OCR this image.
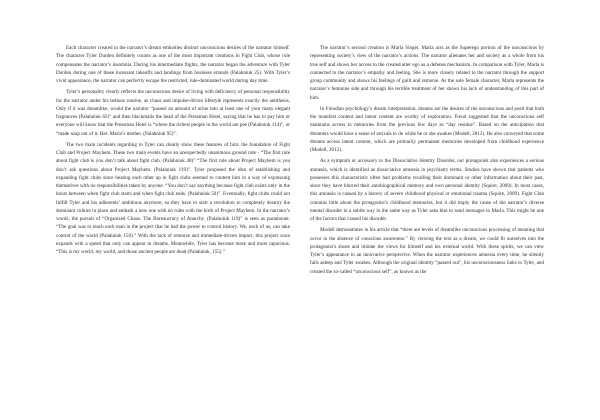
Each character created in the narrator’s dream embodies distinct unconscious desires of the narrator himself. The character Tyler Durden definitely counts as one of the most important creations in Fight Club, whose role compensates the narrator’s insomnia. During his intermediate flights, the narrator began the adventure with Tyler Durden during one of these incessant takeoffs and landings from business errands (Palahniuk 25). With Tyler’s vivid appearance, the narrator can perfectly escape the restricted, rule-dominated world during day time.

Tyler’s personality clearly reflects the unconscious desire of living with deficiency of personal responsibility for the narrator under his tedious routine, as chaos and impulse-driven lifestyle represents exactly the antithesis. Only if it was dreamlike, would the narrator “passed an amount of urine into at least one of your many elegant fragrances (Palahniuk 82)” and then blackmails the head of the Pressman Hotel, saying that he has to pay him or everyone will know that the Pressman Hotel is “where the richest people in the world are pee (Palahniuk 114)”, or “made soap out of it. Her. Marla’s mother. (Palahniuk 95)”.

The two main incidents regarding to Tyler can clearly show these features of him: the foundation of Fight Club and Project Mayhem. These two main events have an unexpectedly unanimous ground rule - “The first rule about fight club is you don’t talk about fight club. (Palahniuk 48)” “The first rule about Project Mayhem is you don’t ask questions about Project Mayhem. (Palahniuk 119)”. Tyler proposed the idea of establishing and expanding fight clubs since beating each other up in fight clubs seemed to content him in a way of expressing themselves with no responsibilities taken by anyone. “You don’t say anything because fight club exists only in the hours between when fight club starts and when fight club ends. (Palahniuk 50)”. Eventually, fight clubs could not fulfill Tyler and his adherents’ ambitious anymore, so they have to start a revolution to completely destroy the dominant culture in place and embark a new one with no rules with the birth of Project Mayhem. In the narrator’s words, the pursuit of “Organized Chaos. The Bureaucracy of Anarchy. (Palahniuk 119)” is seen as paramount. “The goal was to teach each man in the project that he had the power to control history. We, each of us, can take control of the world (Palahniuk 156).” With the lack of remorse and immediate-driven impact, this project soon expands with a speed that only can appear in dreams. Meanwhile, Tyler has become more and more rapacious. “This is my world, my world, and those ancient people are dead (Palahniuk, 155).”

The narrator’s second creation is Marla Singer. Marla acts as the Superego portion of the unconscious by representing society’s view of the narrator’s actions. The narrator alienates her and society as a whole from his true self and shows her access to the created alter ego as a defense mechanism. In comparison with Tyler, Marla is connected to the narrator’s empathy and feeling. She is more closely related to the narrator through the support group community and shows his feelings of guilt and remorse. As the sole female character, Marla represents the narrator’s feminine side and through his terrible treatment of her shows his lack of understanding of this part of him.

In Freudian psychology’s dream interpretation, dreams are the desires of the unconscious and posit that both the manifest content and latent content are worthy of exploration. Freud suggested that the unconscious self maintains access to memories from the previous few days as “day residue”. Based on the anticipation that dreamers would have a sense of arrivals to do while he or she awakes (Modell, 2012). He also conveyed that some dreams access latent content, which are primarily permanent memories developed from childhood experience (Modell, 2012).

As a symptom or accessory to the Dissociative Identity Disorder, our protagonist also experiences a serious amnesia, which is identified as dissociative amnesia in psychiatry terms. Studies have shown that patients who possesses this characteristic often had problems recalling their dominant or other information about their past, since they have blurred their autobiographical memory and own personal identity (Squire, 2009). In most cases, this amnesia is caused by a history of severe childhood physical or emotional trauma (Squire, 2009). Fight Club contains little about the protagonist’s childhood memories, but it did imply the cause of the narrator’s diverse mental disorder in a subtle way in the same way as Tyler asks him to send messages to Marla. This might be one of the factors that caused his disorder.

Modell demonstrates in his article that “there are levels of dreamlike unconscious processing of meaning that occur in the absence of conscious awareness.” By viewing the text as a dream, we could fit ourselves into the protagonist’s shoes and imitate the views for himself and his external world. With these spirits, we can view Tyler’s appearance in an innovative perspective. When the narrator experiences amnesia every time, he silently falls asleep and Tyler awakes. Although the original identity “passed out”, his unconsciousness links to Tyler, and created the so-called “unconscious self”, as known as the
